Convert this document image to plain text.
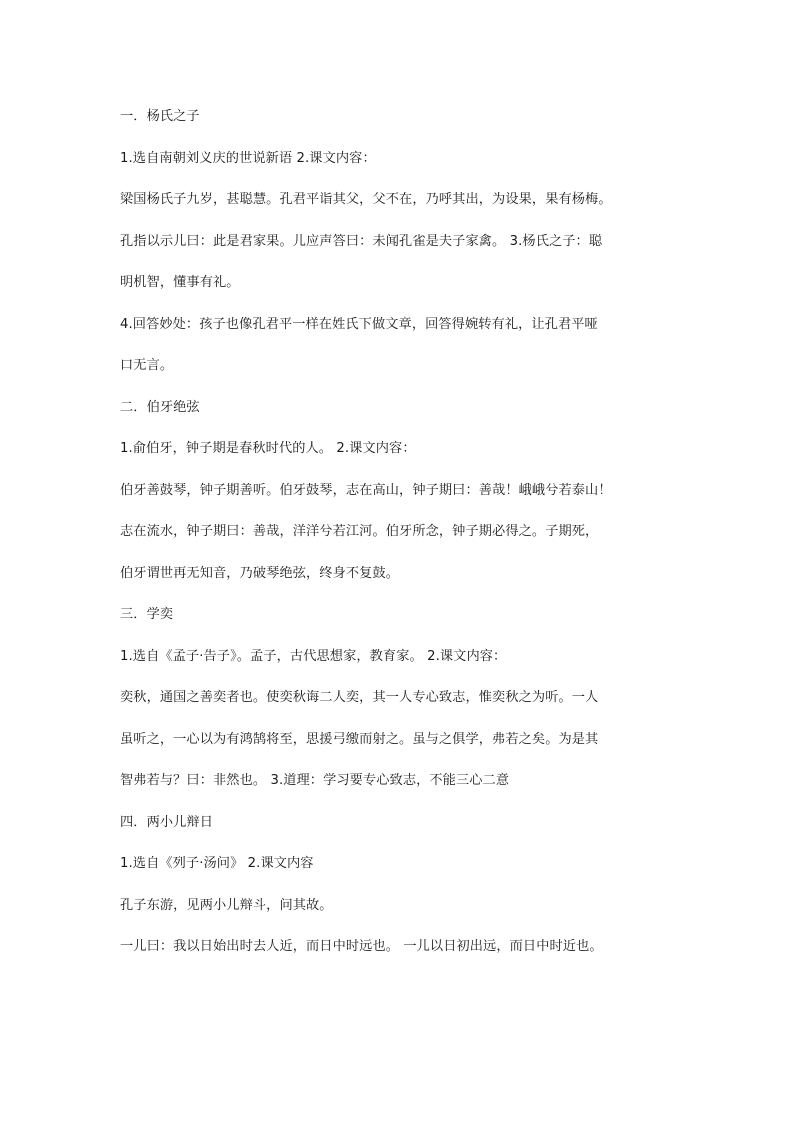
一．杨氏之子
1.选自南朝刘义庆的世说新语 2.课文内容：
梁国杨氏子九岁，甚聪慧。孔君平诣其父，父不在，乃呼其出，为设果，果有杨梅。
孔指以示儿曰：此是君家果。儿应声答曰：未闻孔雀是夫子家禽。 3.杨氏之子：聪
明机智，懂事有礼。
4.回答妙处：孩子也像孔君平一样在姓氏下做文章，回答得婉转有礼，让孔君平哑
口无言。
二．伯牙绝弦
1.俞伯牙，钟子期是春秋时代的人。 2.课文内容：
伯牙善鼓琴，钟子期善听。伯牙鼓琴，志在高山，钟子期曰：善哉！峨峨兮若泰山！
志在流水，钟子期曰：善哉，洋洋兮若江河。伯牙所念，钟子期必得之。子期死，
伯牙谓世再无知音，乃破琴绝弦，终身不复鼓。
三．学奕
1.选自《孟子·告子》。孟子，古代思想家，教育家。 2.课文内容：
奕秋，通国之善奕者也。使奕秋诲二人奕，其一人专心致志，惟奕秋之为听。一人
虽听之，一心以为有鸿鹄将至，思援弓缴而射之。虽与之俱学，弗若之矣。为是其
智弗若与？曰：非然也。 3.道理：学习要专心致志，不能三心二意
四．两小儿辩日
1.选自《列子·汤问》 2.课文内容
孔子东游，见两小儿辩斗，问其故。
一儿曰：我以日始出时去人近，而日中时远也。 一儿以日初出远，而日中时近也。
